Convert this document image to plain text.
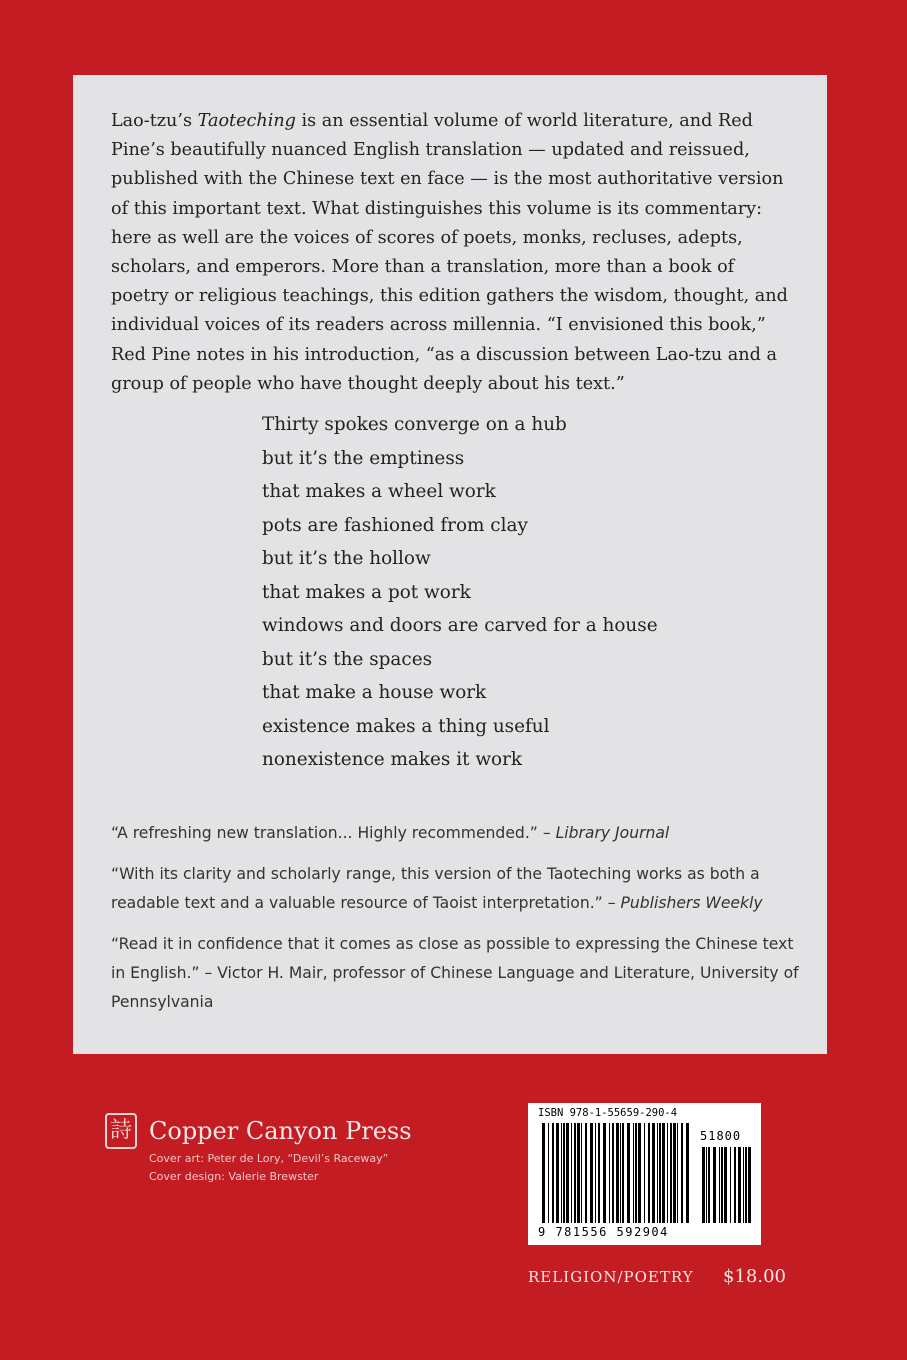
Lao-tzu’s Taoteching is an essential volume of world literature, and Red Pine’s beautifully nuanced English translation — updated and reissued, published with the Chinese text en face — is the most authoritative version of this important text. What distinguishes this volume is its commentary: here as well are the voices of scores of poets, monks, recluses, adepts, scholars, and emperors. More than a translation, more than a book of poetry or religious teachings, this edition gathers the wisdom, thought, and individual voices of its readers across millennia. “I envisioned this book,” Red Pine notes in his introduction, “as a discussion between Lao-tzu and a group of people who have thought deeply about his text.”

Thirty spokes converge on a hub
but it’s the emptiness
that makes a wheel work
pots are fashioned from clay
but it’s the hollow
that makes a pot work
windows and doors are carved for a house
but it’s the spaces
that make a house work
existence makes a thing useful
nonexistence makes it work

“A refreshing new translation... Highly recommended.” – Library Journal

“With its clarity and scholarly range, this version of the Taoteching works as both a readable text and a valuable resource of Taoist interpretation.” – Publishers Weekly

“Read it in confidence that it comes as close as possible to expressing the Chinese text in English.” – Victor H. Mair, professor of Chinese Language and Literature, University of Pennsylvania

詩 Copper Canyon Press
Cover art: Peter de Lory, “Devil’s Raceway”
Cover design: Valerie Brewster
ISBN 978-1-55659-290-4
51800
9 781556 592904
RELIGION/POETRY $18.00
